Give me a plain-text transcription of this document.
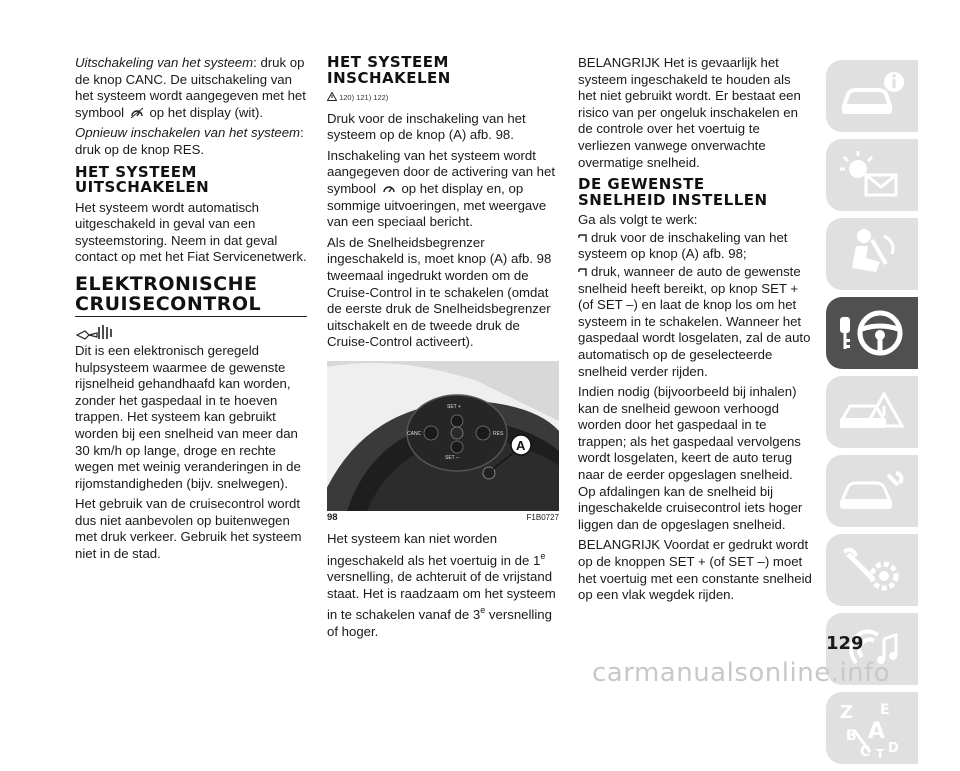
Uitschakeling van het systeem: druk op de knop CANC. De uitschakeling van het systeem wordt aangegeven met het symbool op het display (wit).

Opnieuw inschakelen van het systeem: druk op de knop RES.

HET SYSTEEM
UITSCHAKELEN

Het systeem wordt automatisch uitgeschakeld in geval van een systeemstoring. Neem in dat geval contact op met het Fiat Servicenetwerk.

ELEKTRONISCHE
CRUISECONTROL

Dit is een elektronisch geregeld hulpsysteem waarmee de gewenste rijsnelheid gehandhaafd kan worden, zonder het gaspedaal in te hoeven trappen. Het systeem kan gebruikt worden bij een snelheid van meer dan 30 km/h op lange, droge en rechte wegen met weinig veranderingen in de rijomstandigheden (bijv. snelwegen).

Het gebruik van de cruisecontrol wordt dus niet aanbevolen op buitenwegen met druk verkeer. Gebruik het systeem niet in de stad.

HET SYSTEEM
INSCHAKELEN
120) 121) 122)

Druk voor de inschakeling van het systeem op de knop (A) afb. 98.

Inschakeling van het systeem wordt aangegeven door de activering van het symbool op het display en, op sommige uitvoeringen, met weergave van een speciaal bericht.

Als de Snelheidsbegrenzer ingeschakeld is, moet knop (A) afb. 98 tweemaal ingedrukt worden om de Cruise-Control in te schakelen (omdat de eerste druk de Snelheidsbegrenzer uitschakelt en de tweede druk de Cruise-Control activeert).

SET +
CANC	RES
SET –
A
98	F1B0727

Het systeem kan niet worden ingeschakeld als het voertuig in de 1e versnelling, de achteruit of de vrijstand staat. Het is raadzaam om het systeem in te schakelen vanaf de 3e versnelling of hoger.

BELANGRIJK Het is gevaarlijk het systeem ingeschakeld te houden als het niet gebruikt wordt. Er bestaat een risico van per ongeluk inschakelen en de controle over het voertuig te verliezen vanwege onverwachte overmatige snelheid.

DE GEWENSTE
SNELHEID INSTELLEN

Ga als volgt te werk:

druk voor de inschakeling van het systeem op knop (A) afb. 98;

druk, wanneer de auto de gewenste snelheid heeft bereikt, op knop SET + (of SET –) en laat de knop los om het systeem in te schakelen. Wanneer het gaspedaal wordt losgelaten, zal de auto automatisch op de geselecteerde snelheid verder rijden.

Indien nodig (bijvoorbeeld bij inhalen) kan de snelheid gewoon verhoogd worden door het gaspedaal in te trappen; als het gaspedaal vervolgens wordt losgelaten, keert de auto terug naar de eerder opgeslagen snelheid. Op afdalingen kan de snelheid bij ingeschakelde cruisecontrol iets hoger liggen dan de opgeslagen snelheid.

BELANGRIJK Voordat er gedrukt wordt op de knoppen SET + (of SET –) moet het voertuig met een constante snelheid op een vlak wegdek rijden.

Z E
B A
C T D
129
carmanualsonline.info
